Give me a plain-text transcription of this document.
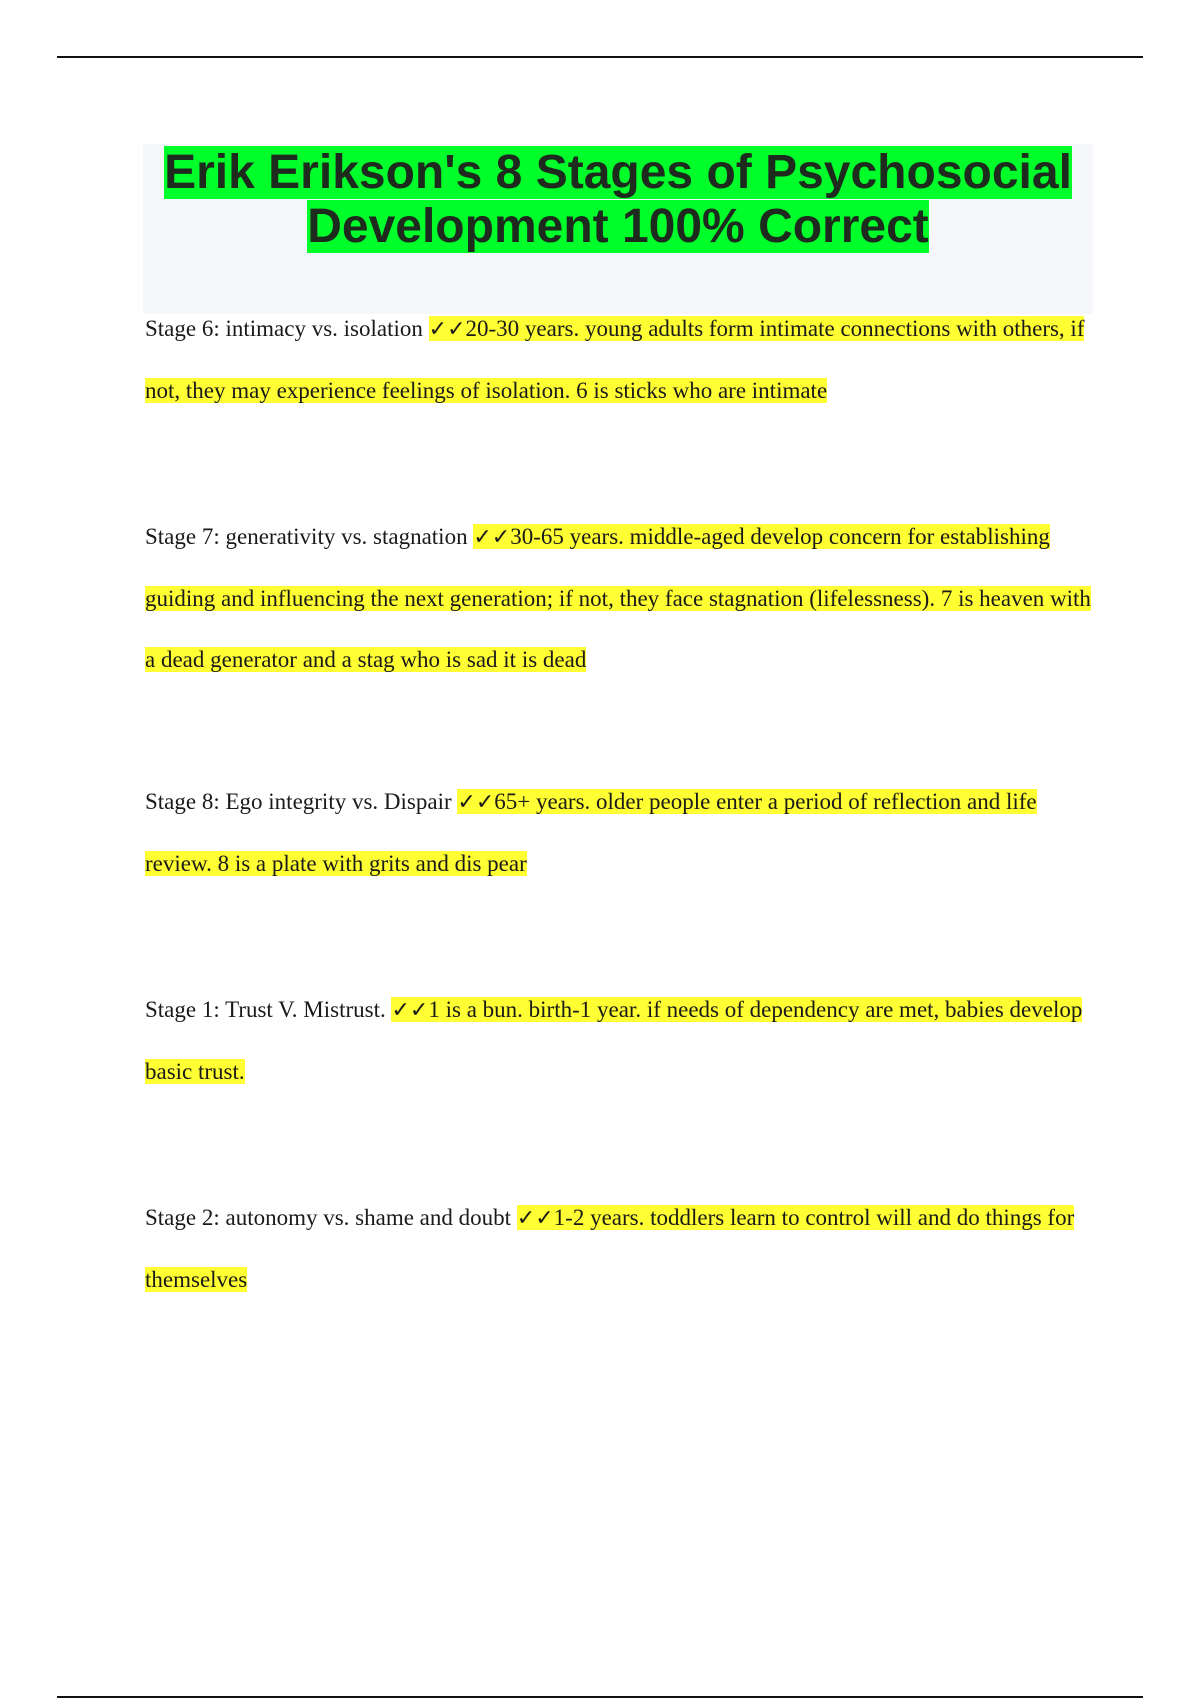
Erik Erikson's 8 Stages of Psychosocial Development 100% Correct

Stage 6: intimacy vs. isolation ✓✓20-30 years. young adults form intimate connections with others, if not, they may experience feelings of isolation. 6 is sticks who are intimate

Stage 7: generativity vs. stagnation ✓✓30-65 years. middle-aged develop concern for establishing guiding and influencing the next generation; if not, they face stagnation (lifelessness). 7 is heaven with a dead generator and a stag who is sad it is dead

Stage 8: Ego integrity vs. Dispair ✓✓65+ years. older people enter a period of reflection and life review. 8 is a plate with grits and dis pear

Stage 1: Trust V. Mistrust. ✓✓1 is a bun. birth-1 year. if needs of dependency are met, babies develop basic trust.

Stage 2: autonomy vs. shame and doubt ✓✓1-2 years. toddlers learn to control will and do things for themselves
